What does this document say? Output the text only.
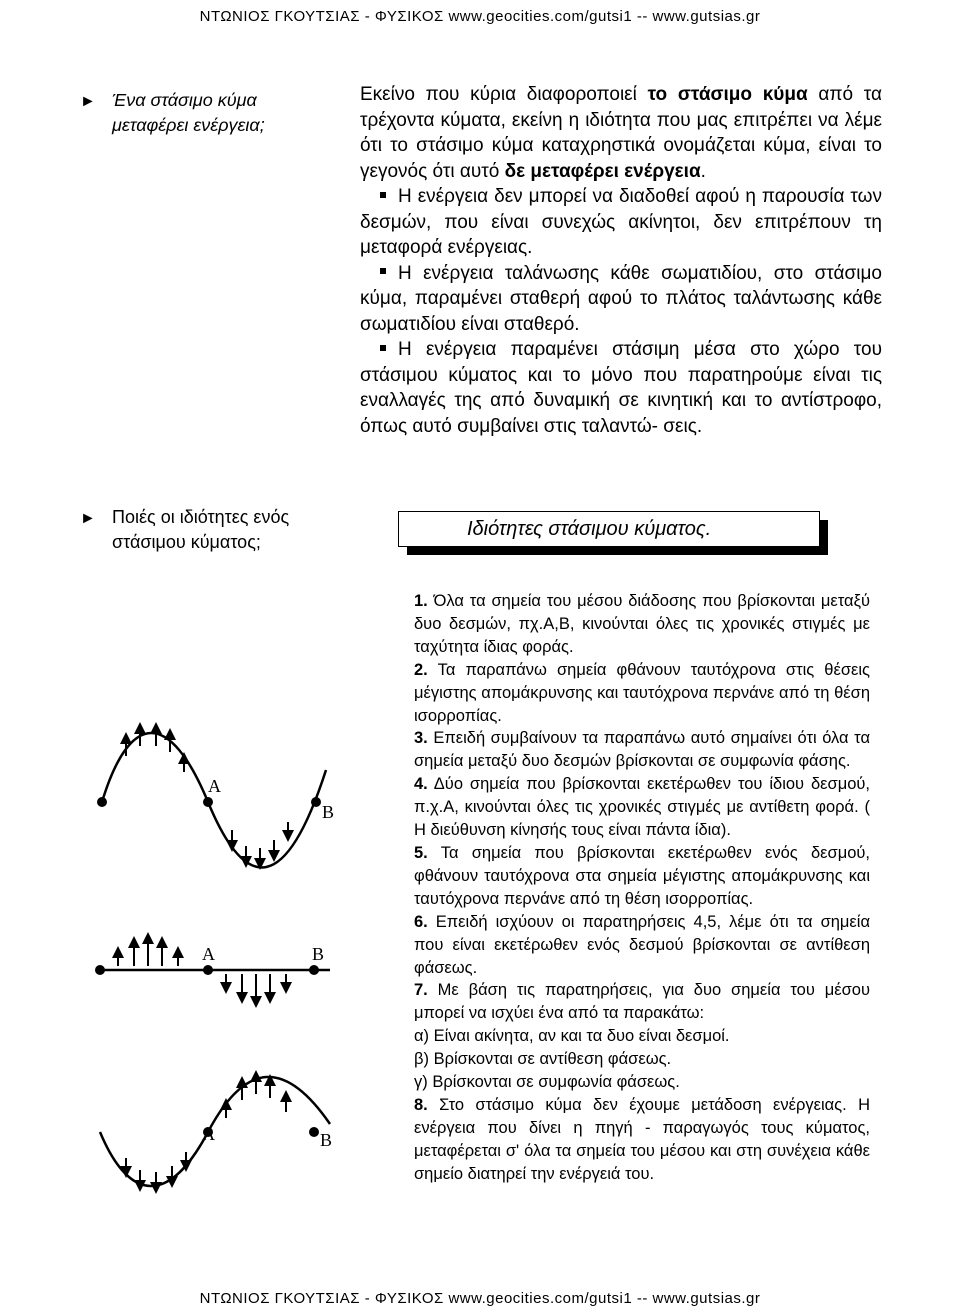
ΝΤΩΝΙΟΣ ΓΚΟΥΤΣΙΑΣ - ΦΥΣΙΚΟΣ www.geocities.com/gutsi1 -- www.gutsias.gr
► Ένα στάσιμο κύμα μεταφέρει ενέργεια;
Εκείνο που κύρια διαφοροποιεί το στάσιμο κύμα από τα τρέχοντα κύματα, εκείνη η ιδιότητα που μας επιτρέπει να λέμε ότι το στάσιμο κύμα καταχρηστικά ονομάζεται κύμα, είναι το γεγονός ότι αυτό δε μεταφέρει ενέργεια.
Η ενέργεια δεν μπορεί να διαδοθεί αφού η παρουσία των δεσμών, που είναι συνεχώς ακίνητοι, δεν επιτρέπουν τη μεταφορά ενέργειας.
Η ενέργεια ταλάνωσης κάθε σωματιδίου, στο στάσιμο κύμα, παραμένει σταθερή αφού το πλάτος ταλάντωσης κάθε σωματιδίου είναι σταθερό.
Η ενέργεια παραμένει στάσιμη μέσα στο χώρο του στάσιμου κύματος και το μόνο που παρατηρούμε είναι τις εναλλαγές της από δυναμική σε κινητική και το αντίστροφο, όπως αυτό συμβαίνει στις ταλαντώ- σεις.
► Ποιές οι ιδιότητες ενός στάσιμου κύματος;
Ιδιότητες στάσιμου κύματος.

1. Όλα τα σημεία του μέσου διάδοσης που βρίσκονται μεταξύ δυο δεσμών, πχ.Α,Β, κινούνται όλες τις χρονικές στιγμές με ταχύτητα ίδιας φοράς.

2. Τα παραπάνω σημεία φθάνουν ταυτόχρονα στις θέσεις μέγιστης απομάκρυνσης και ταυτόχρονα περνάνε από τη θέση ισορροπίας.

3. Επειδή συμβαίνουν τα παραπάνω αυτό σημαίνει ότι όλα τα σημεία μεταξύ δυο δεσμών βρίσκονται σε συμφωνία φάσης.

4. Δύο σημεία που βρίσκονται εκετέρωθεν του ίδιου δεσμού, π.χ.Α, κινούνται όλες τις χρονικές στιγμές με αντίθετη φορά. ( Η διεύθυνση κίνησής τους είναι πάντα ίδια).

5. Τα σημεία που βρίσκονται εκετέρωθεν ενός δεσμού, φθάνουν ταυτόχρονα στα σημεία μέγιστης απομάκρυνσης και ταυτόχρονα περνάνε από τη θέση ισορροπίας.

6. Επειδή ισχύουν οι παρατηρήσεις 4,5, λέμε ότι τα σημεία που είναι εκετέρωθεν ενός δεσμού βρίσκονται σε αντίθεση φάσεως.

7. Με βάση τις παρατηρήσεις, για δυο σημεία του μέσου μπορεί να ισχύει ένα από τα παρακάτω:

α) Είναι ακίνητα, αν και τα δυο είναι δεσμοί.

β) Βρίσκονται σε αντίθεση φάσεως.

γ) Βρίσκονται σε συμφωνία φάσεως.

8. Στο στάσιμο κύμα δεν έχουμε μετάδοση ενέργειας. Η ενέργεια που δίνει η πηγή - παραγωγός τους κύματος, μεταφέρεται σ' όλα τα σημεία του μέσου και στη συνέχεια κάθε σημείο διατηρεί την ενέργειά του.

A
B
A	B
A	B
ΝΤΩΝΙΟΣ ΓΚΟΥΤΣΙΑΣ - ΦΥΣΙΚΟΣ www.geocities.com/gutsi1 -- www.gutsias.gr
